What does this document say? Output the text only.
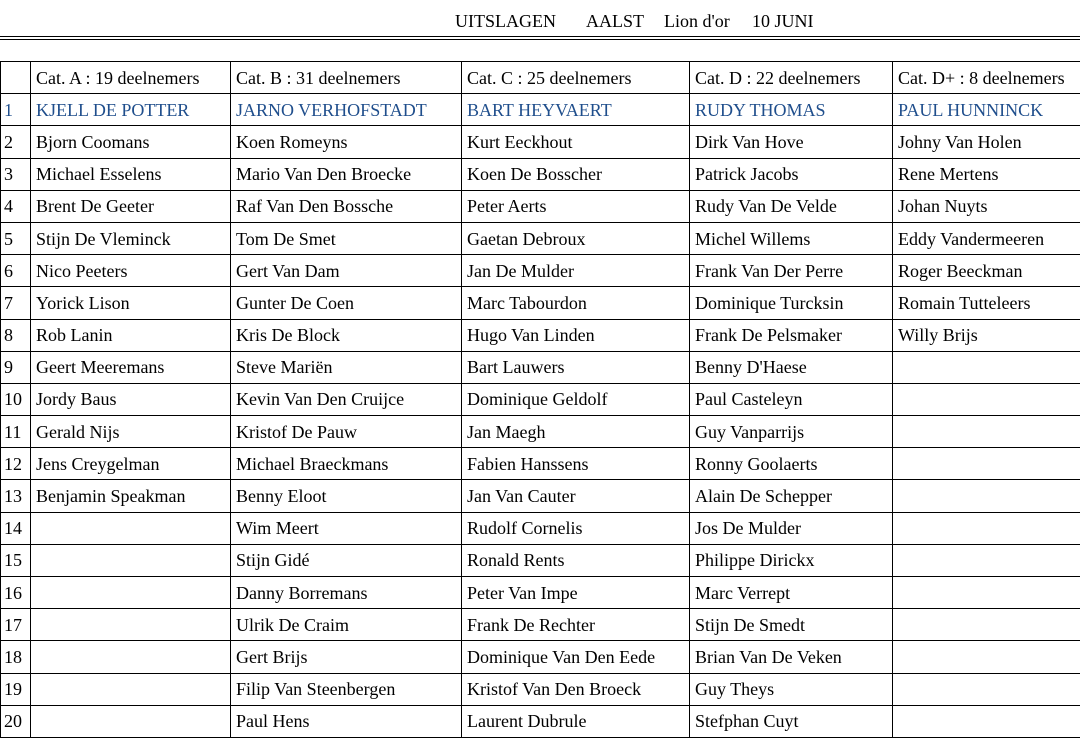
UITSLAGEN

AALST

Lion d'or

10 JUNI

	Cat. A : 19 deelnemers	Cat. B : 31 deelnemers	Cat. C : 25 deelnemers	Cat. D : 22 deelnemers	Cat. D+ : 8 deelnemers
1	KJELL DE POTTER	JARNO VERHOFSTADT	BART HEYVAERT	RUDY THOMAS	PAUL HUNNINCK
2	Bjorn Coomans	Koen Romeyns	Kurt Eeckhout	Dirk Van Hove	Johny Van Holen
3	Michael Esselens	Mario Van Den Broecke	Koen De Bosscher	Patrick Jacobs	Rene Mertens
4	Brent De Geeter	Raf Van Den Bossche	Peter Aerts	Rudy Van De Velde	Johan Nuyts
5	Stijn De Vleminck	Tom De Smet	Gaetan Debroux	Michel Willems	Eddy Vandermeeren
6	Nico Peeters	Gert Van Dam	Jan De Mulder	Frank Van Der Perre	Roger Beeckman
7	Yorick Lison	Gunter De Coen	Marc Tabourdon	Dominique Turcksin	Romain Tutteleers
8	Rob Lanin	Kris De Block	Hugo Van Linden	Frank De Pelsmaker	Willy Brijs
9	Geert Meeremans	Steve Mariën	Bart Lauwers	Benny D'Haese	
10	Jordy Baus	Kevin Van Den Cruijce	Dominique Geldolf	Paul Casteleyn	
11	Gerald Nijs	Kristof De Pauw	Jan Maegh	Guy Vanparrijs	
12	Jens Creygelman	Michael Braeckmans	Fabien Hanssens	Ronny Goolaerts	
13	Benjamin Speakman	Benny Eloot	Jan Van Cauter	Alain De Schepper	
14		Wim Meert	Rudolf Cornelis	Jos De Mulder	
15		Stijn Gidé	Ronald Rents	Philippe Dirickx	
16		Danny Borremans	Peter Van Impe	Marc Verrept	
17		Ulrik De Craim	Frank De Rechter	Stijn De Smedt	
18		Gert Brijs	Dominique Van Den Eede	Brian Van De Veken	
19		Filip Van Steenbergen	Kristof Van Den Broeck	Guy Theys	
20		Paul Hens	Laurent Dubrule	Stefphan Cuyt	
